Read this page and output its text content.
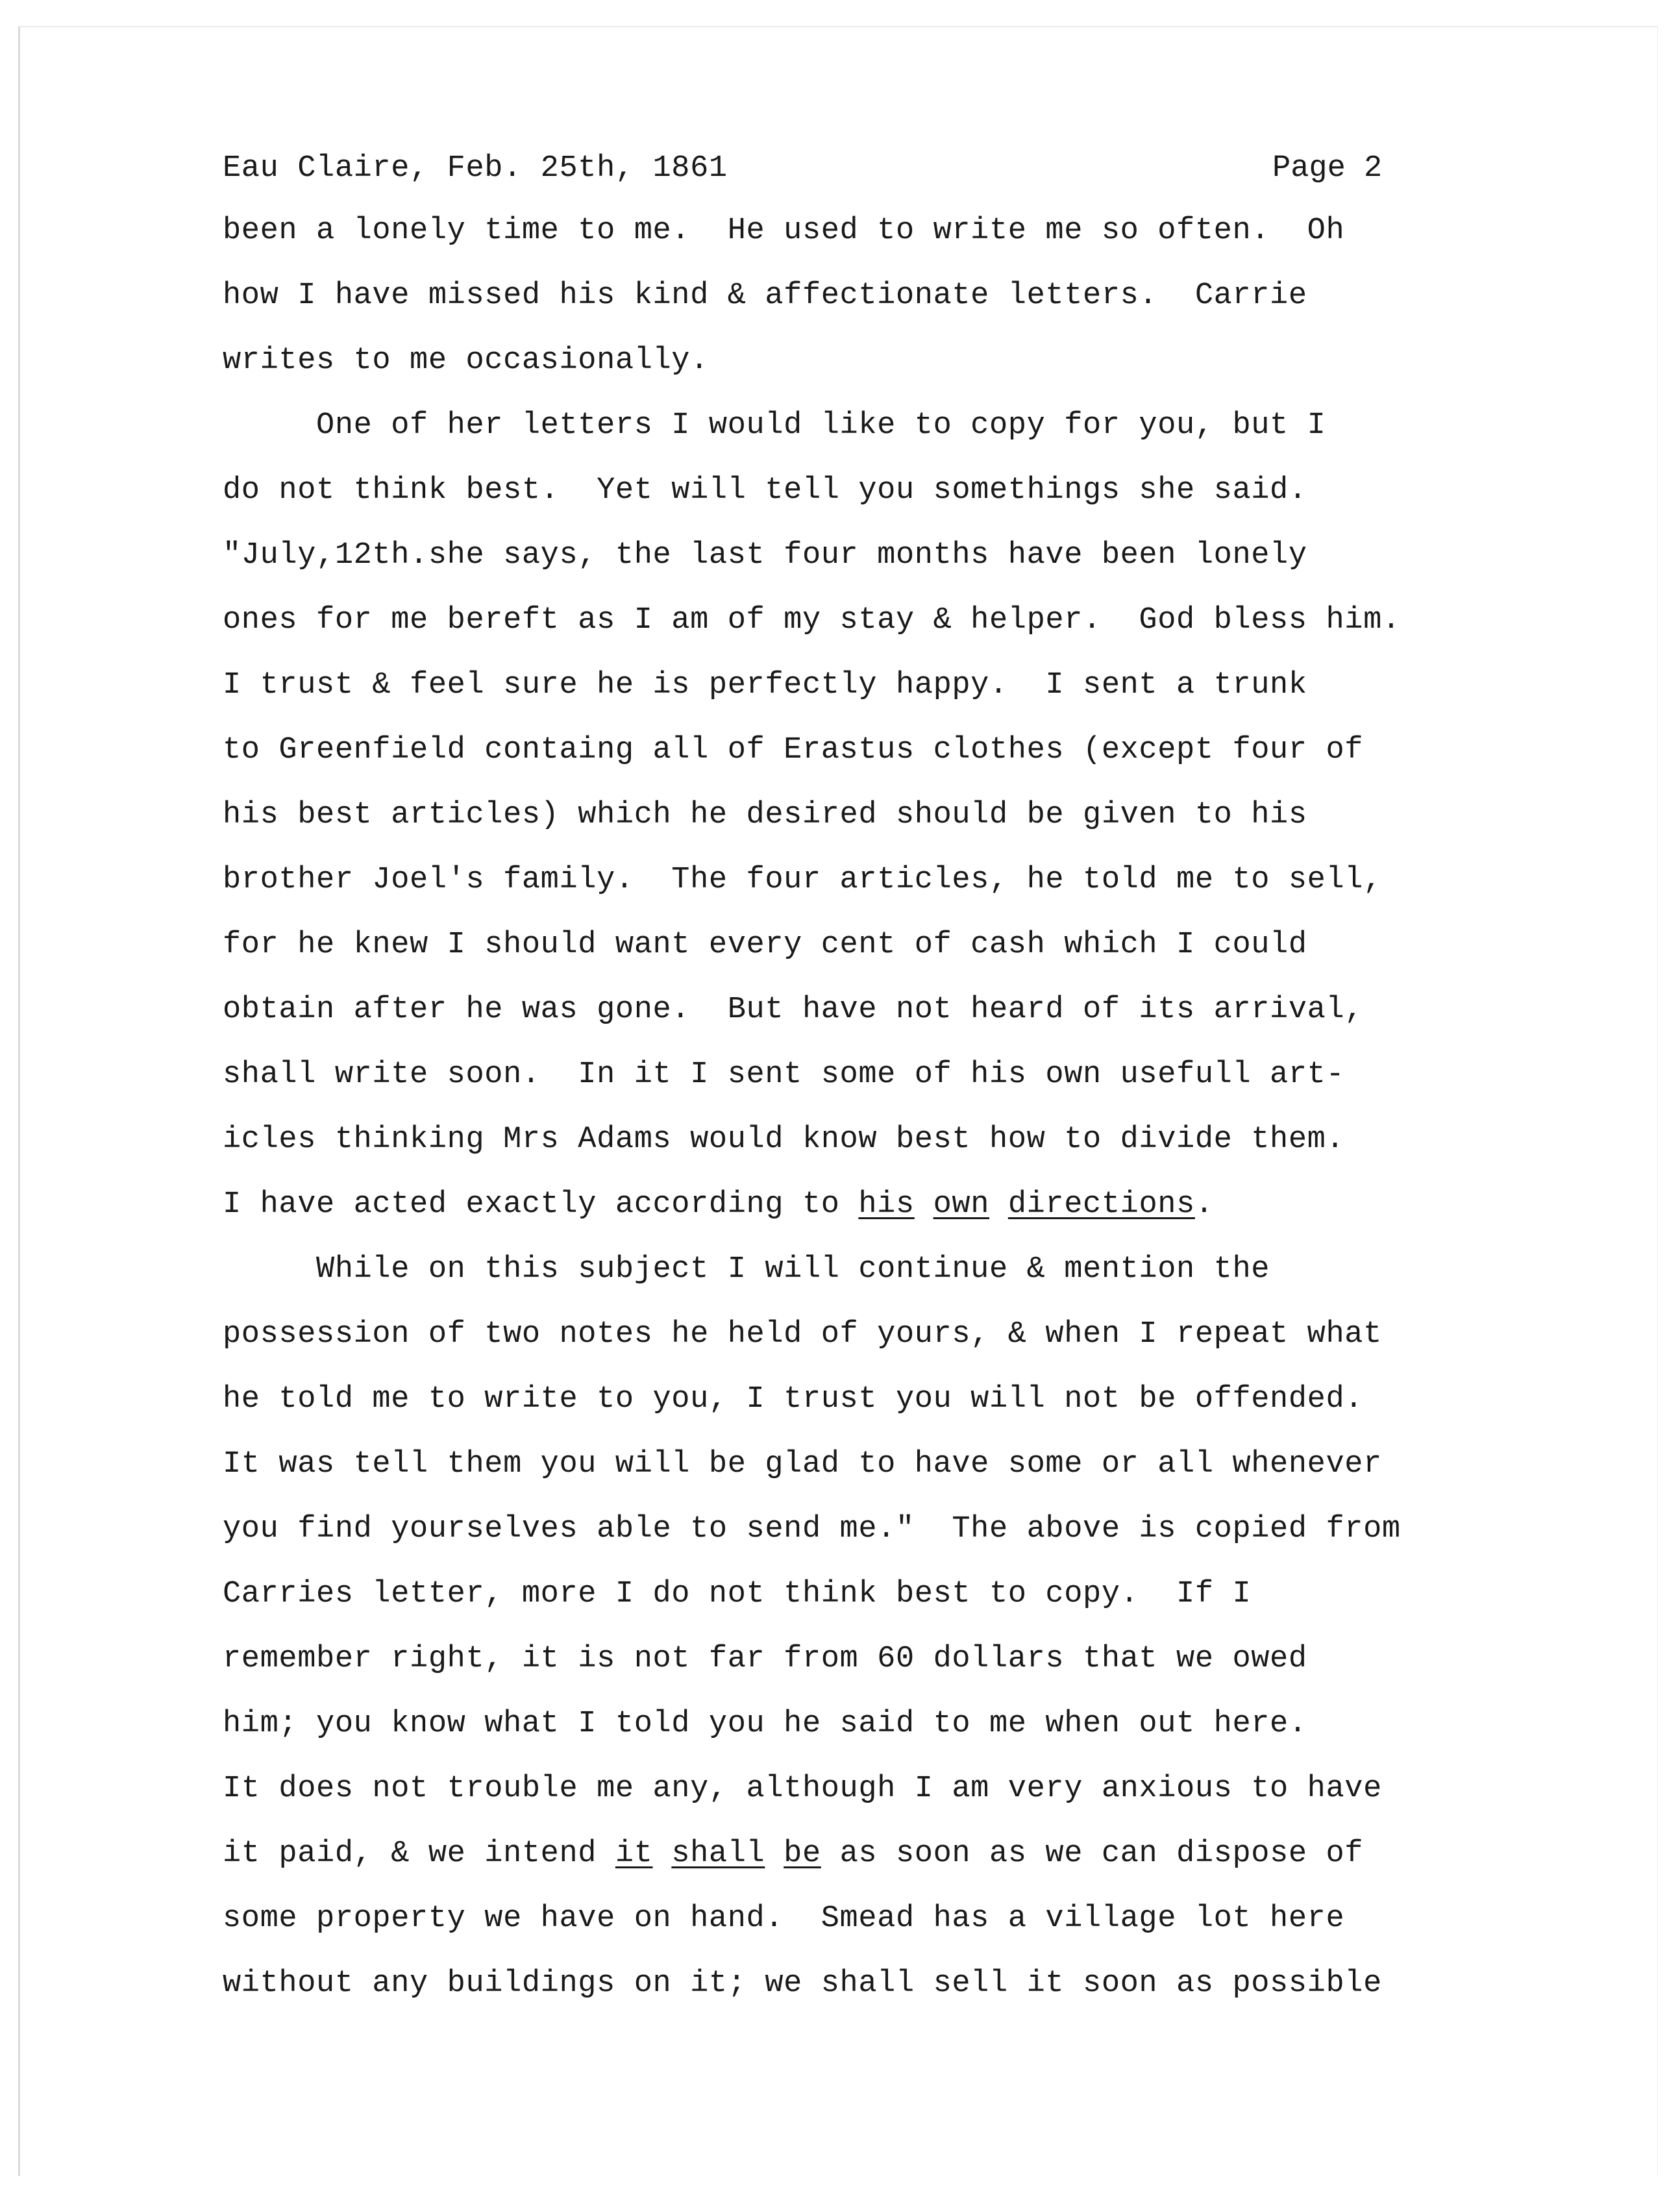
Eau Claire, Feb. 25th, 1861	Page 2
been a lonely time to me.  He used to write me so often.  Oh
how I have missed his kind & affectionate letters.  Carrie
writes to me occasionally.
One of her letters I would like to copy for you, but I
do not think best.  Yet will tell you somethings she said.
"July,12th.she says, the last four months have been lonely
ones for me bereft as I am of my stay & helper.  God bless him.
I trust & feel sure he is perfectly happy.  I sent a trunk
to Greenfield containg all of Erastus clothes (except four of
his best articles) which he desired should be given to his
brother Joel's family.  The four articles, he told me to sell,
for he knew I should want every cent of cash which I could
obtain after he was gone.  But have not heard of its arrival,
shall write soon.  In it I sent some of his own usefull art-
icles thinking Mrs Adams would know best how to divide them.
I have acted exactly according to his own directions.
While on this subject I will continue & mention the
possession of two notes he held of yours, & when I repeat what
he told me to write to you, I trust you will not be offended.
It was tell them you will be glad to have some or all whenever
you find yourselves able to send me."  The above is copied from
Carries letter, more I do not think best to copy.  If I
remember right, it is not far from 60 dollars that we owed
him; you know what I told you he said to me when out here.
It does not trouble me any, although I am very anxious to have
it paid, & we intend it shall be as soon as we can dispose of
some property we have on hand.  Smead has a village lot here
without any buildings on it; we shall sell it soon as possible
